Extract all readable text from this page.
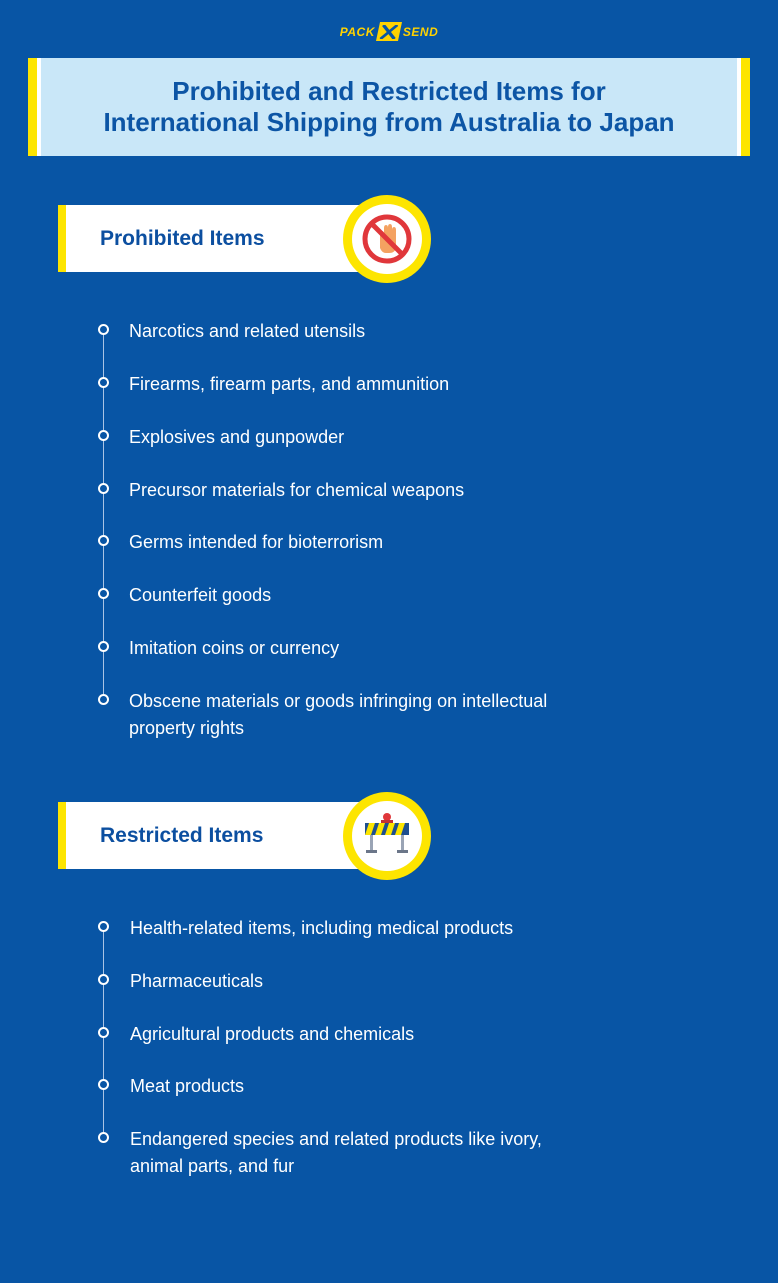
PACK SEND
Prohibited and Restricted Items for
International Shipping from Australia to Japan
Prohibited Items
Narcotics and related utensils
Firearms, firearm parts, and ammunition
Explosives and gunpowder
Precursor materials for chemical weapons
Germs intended for bioterrorism
Counterfeit goods
Imitation coins or currency
Obscene materials or goods infringing on intellectual
property rights
Restricted Items
Health-related items, including medical products
Pharmaceuticals
Agricultural products and chemicals
Meat products
Endangered species and related products like ivory,
animal parts, and fur
